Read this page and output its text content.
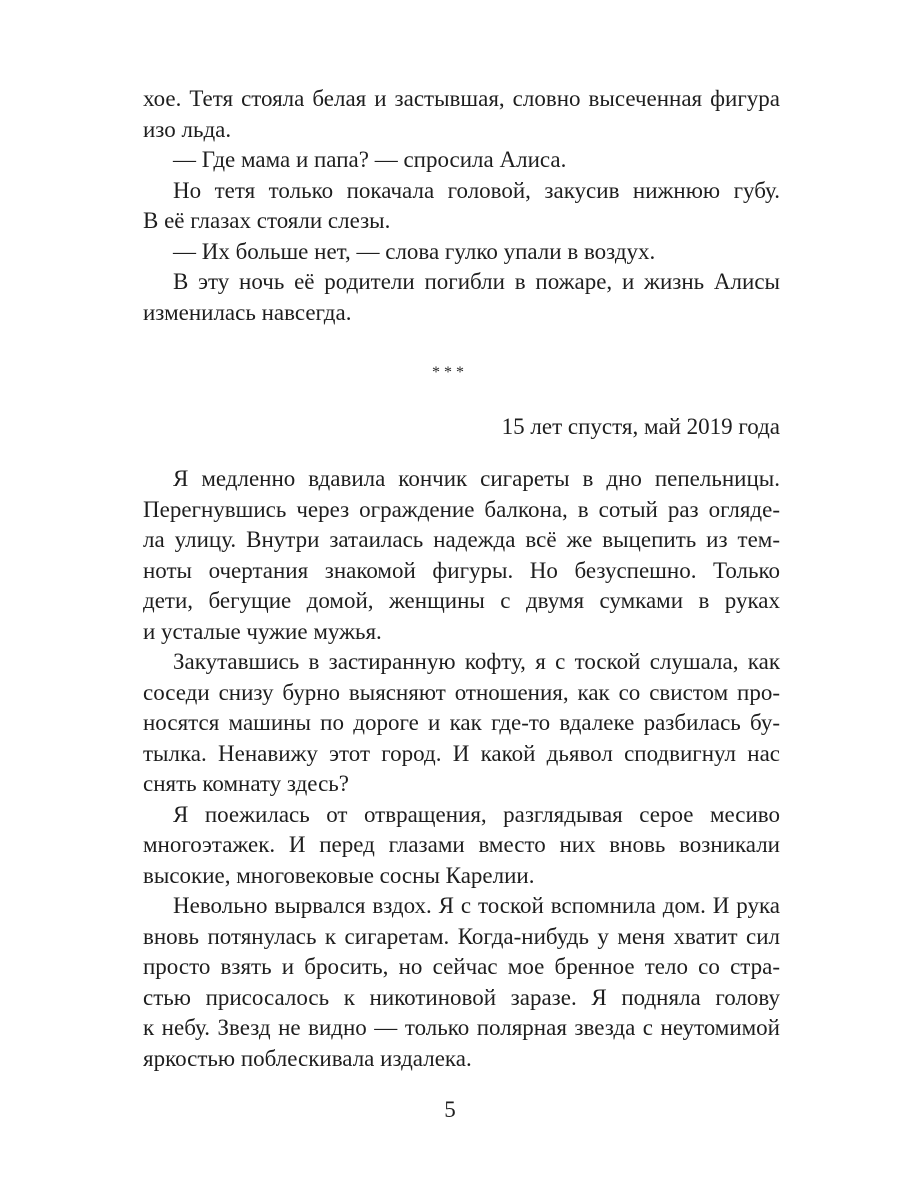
хое. Тетя стояла белая и застывшая, словно высеченная фигура
изо льда.
— Где мама и папа? — спросила Алиса.
Но тетя только покачала головой, закусив нижнюю губу.
В её глазах стояли слезы.
— Их больше нет, — слова гулко упали в воздух.
В эту ночь её родители погибли в пожаре, и жизнь Алисы
изменилась навсегда.
***
15 лет спустя, май 2019 года
Я медленно вдавила кончик сигареты в дно пепельницы.
Перегнувшись через ограждение балкона, в сотый раз огляде-
ла улицу. Внутри затаилась надежда всё же выцепить из тем-
ноты очертания знакомой фигуры. Но безуспешно. Только
дети, бегущие домой, женщины с двумя сумками в руках
и усталые чужие мужья.
Закутавшись в застиранную кофту, я с тоской слушала, как
соседи снизу бурно выясняют отношения, как со свистом про-
носятся машины по дороге и как где-то вдалеке разбилась бу-
тылка. Ненавижу этот город. И какой дьявол сподвигнул нас
снять комнату здесь?
Я поежилась от отвращения, разглядывая серое месиво
многоэтажек. И перед глазами вместо них вновь возникали
высокие, многовековые сосны Карелии.
Невольно вырвался вздох. Я с тоской вспомнила дом. И рука
вновь потянулась к сигаретам. Когда-нибудь у меня хватит сил
просто взять и бросить, но сейчас мое бренное тело со стра-
стью присосалось к никотиновой заразе. Я подняла голову
к небу. Звезд не видно — только полярная звезда с неутомимой
яркостью поблескивала издалека.
5
